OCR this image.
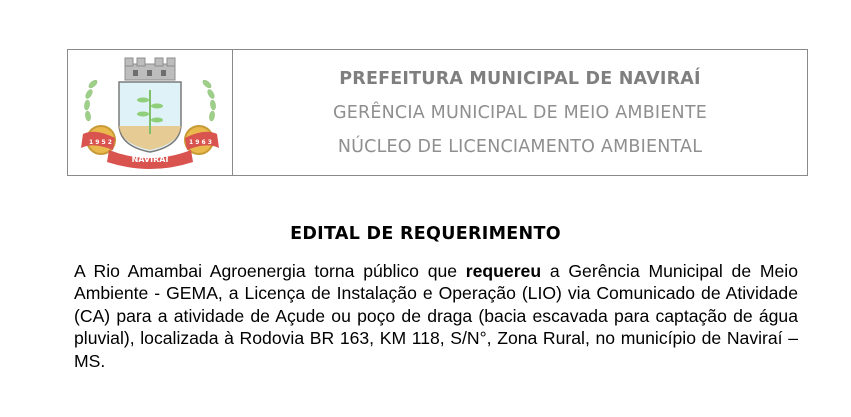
1 9 5 2	1 9 6 3
NAVIRAÍ
PREFEITURA MUNICIPAL DE NAVIRAÍ
GERÊNCIA MUNICIPAL DE MEIO AMBIENTE
NÚCLEO DE LICENCIAMENTO AMBIENTAL
EDITAL DE REQUERIMENTO
A Rio Amambai Agroenergia torna público que requereu a Gerência Municipal de Meio Ambiente - GEMA, a Licença de Instalação e Operação (LIO) via Comunicado de Atividade (CA) para a atividade de Açude ou poço de draga (bacia escavada para captação de água pluvial), localizada à Rodovia BR 163, KM 118, S/N°, Zona Rural, no município de Naviraí – MS.
